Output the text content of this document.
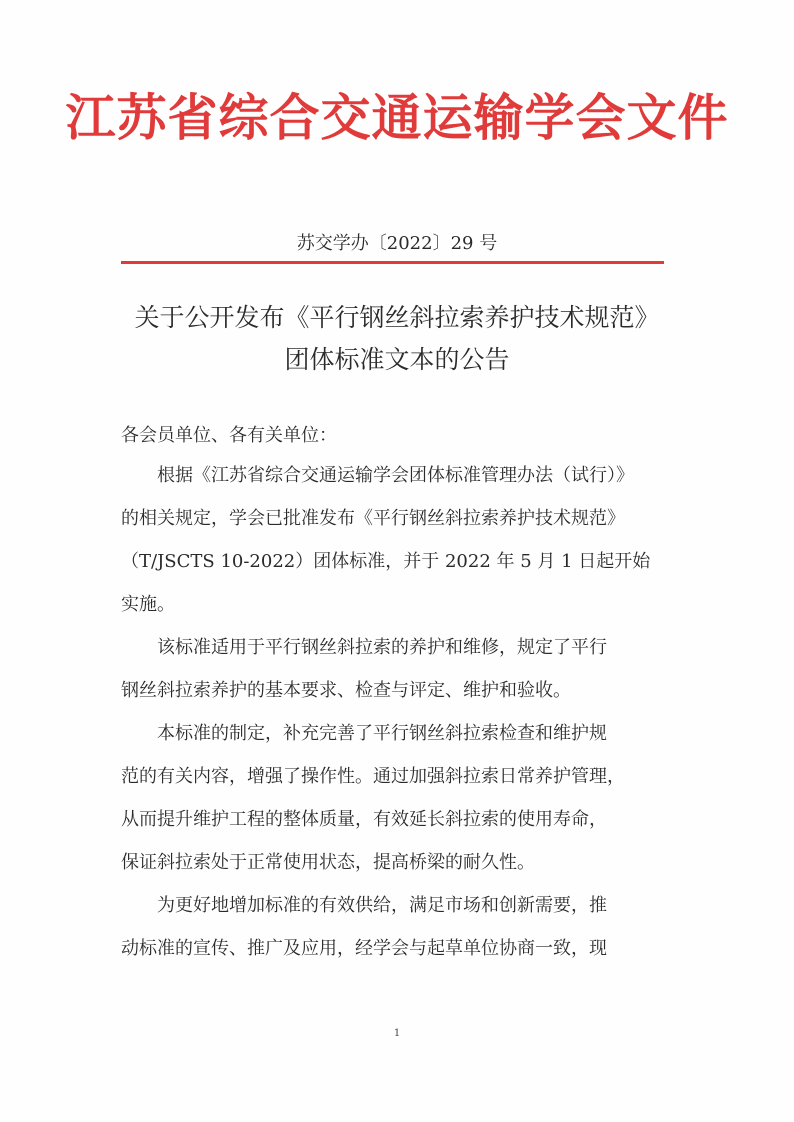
江苏省综合交通运输学会文件
苏交学办〔2022〕29 号
关于公开发布《平行钢丝斜拉索养护技术规范》
团体标准文本的公告
各会员单位、各有关单位：
根据《江苏省综合交通运输学会团体标准管理办法（试行）》
的相关规定，学会已批准发布《平行钢丝斜拉索养护技术规范》
（T/JSCTS 10-2022）团体标准，并于 2022 年 5 月 1 日起开始
实施。
该标准适用于平行钢丝斜拉索的养护和维修，规定了平行
钢丝斜拉索养护的基本要求、检查与评定、维护和验收。
本标准的制定，补充完善了平行钢丝斜拉索检查和维护规
范的有关内容，增强了操作性。通过加强斜拉索日常养护管理，
从而提升维护工程的整体质量，有效延长斜拉索的使用寿命，
保证斜拉索处于正常使用状态，提高桥梁的耐久性。
为更好地增加标准的有效供给，满足市场和创新需要，推
动标准的宣传、推广及应用，经学会与起草单位协商一致，现
1
